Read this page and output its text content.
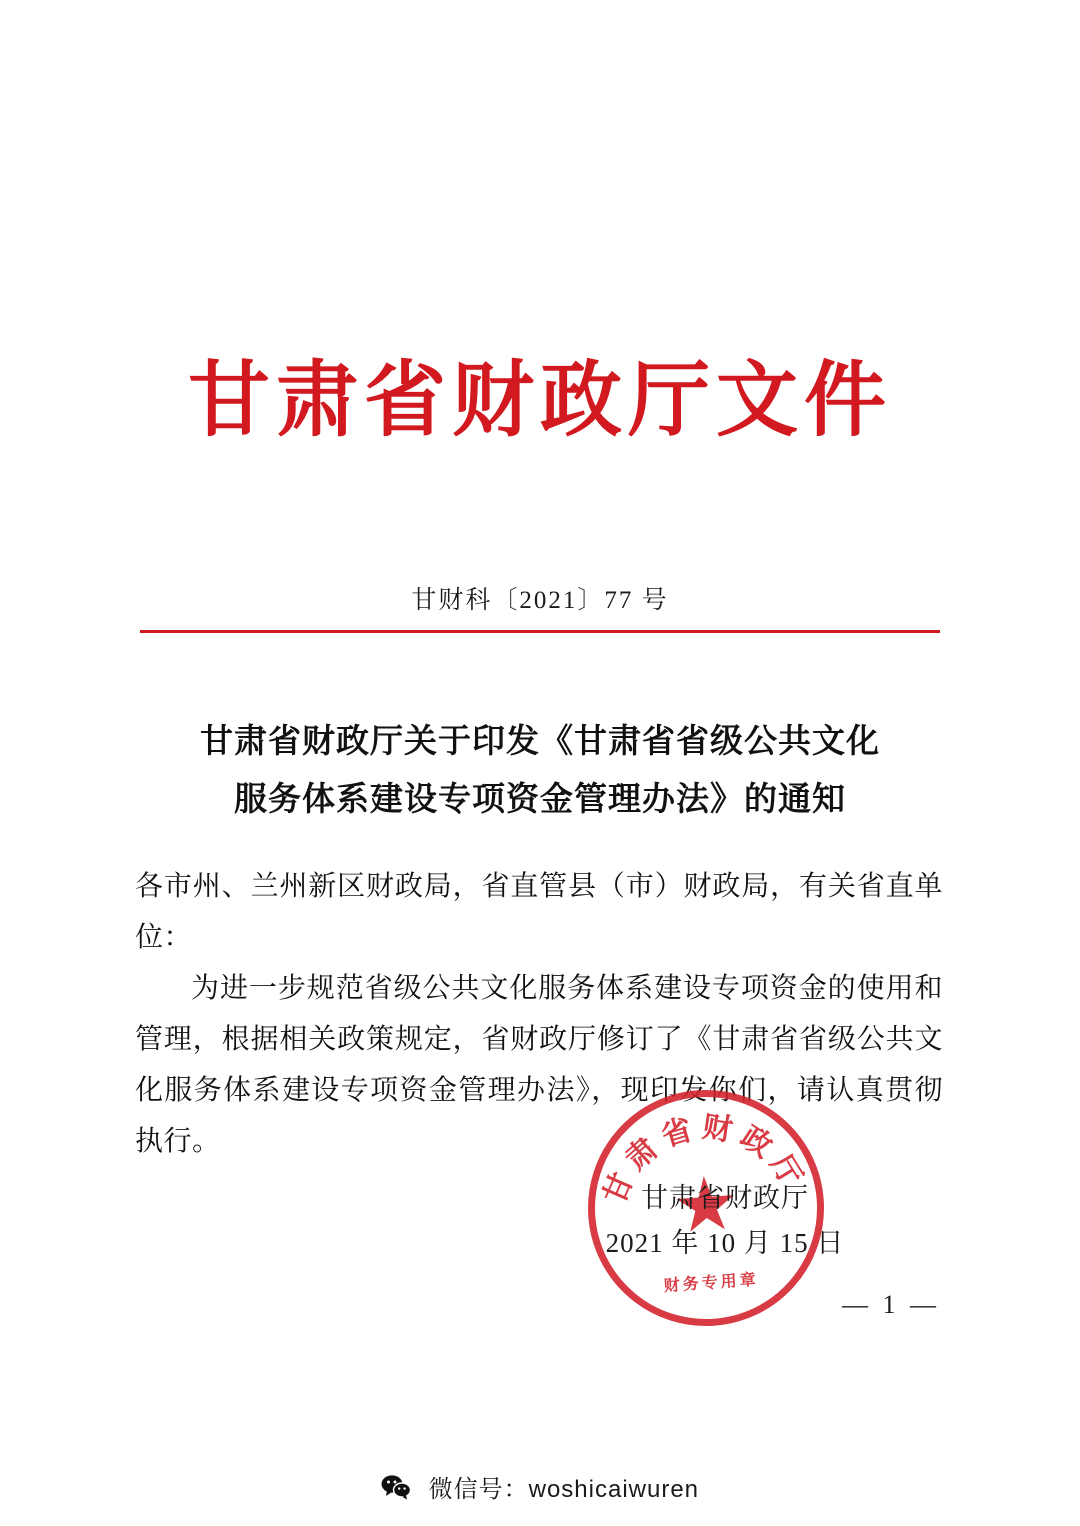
甘肃省财政厅文件
甘财科〔2021〕77 号
甘肃省财政厅关于印发《甘肃省省级公共文化
服务体系建设专项资金管理办法》的通知

各市州、兰州新区财政局，省直管县（市）财政局，有关省直单位：

为进一步规范省级公共文化服务体系建设专项资金的使用和管理，根据相关政策规定，省财政厅修订了《甘肃省省级公共文化服务体系建设专项资金管理办法》，现印发你们，请认真贯彻执行。

甘肃省财政厅
财务专用章
甘肃省财政厅
2021 年 10 月 15 日
— 1 —
微信号：woshicaiwuren
